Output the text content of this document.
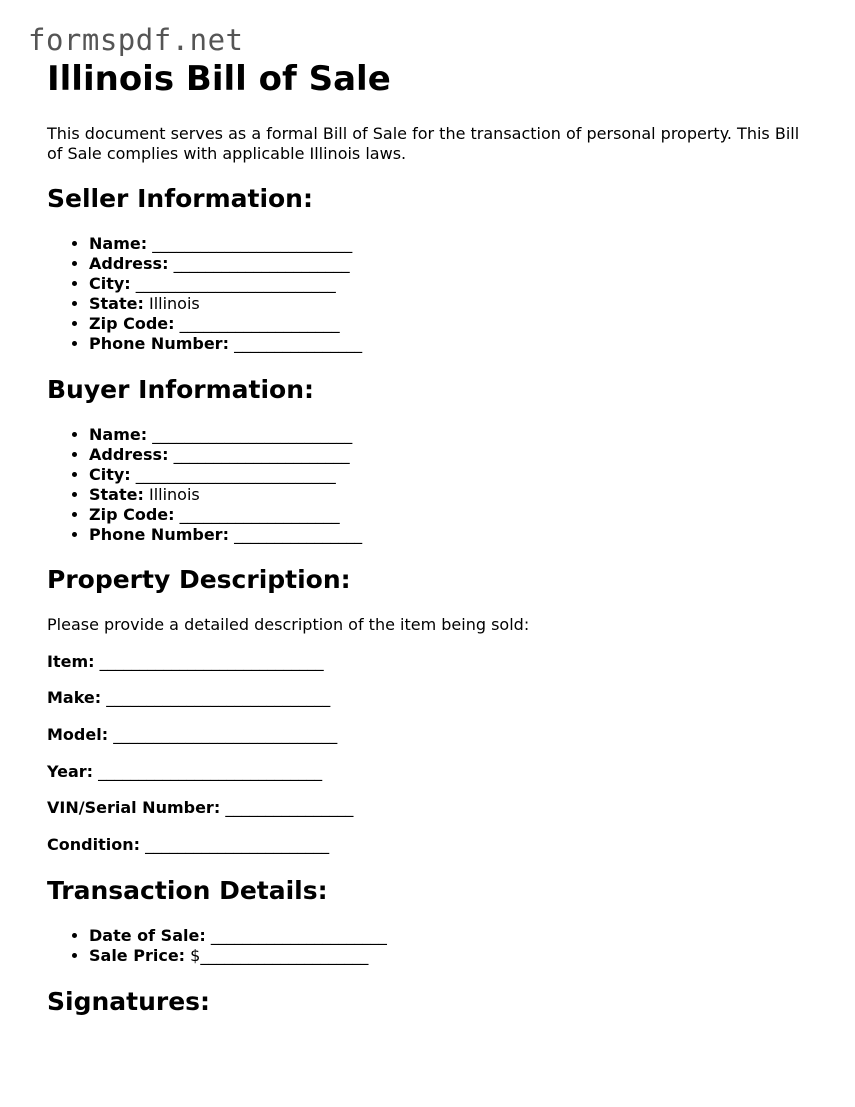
formspdf.net
Illinois Bill of Sale

This document serves as a formal Bill of Sale for the transaction of personal property. This Bill of Sale complies with applicable Illinois laws.

Seller Information:
• Name: _________________________
• Address: ______________________
• City: _________________________
• State: Illinois
• Zip Code: ____________________
• Phone Number: ________________
Buyer Information:
• Name: _________________________
• Address: ______________________
• City: _________________________
• State: Illinois
• Zip Code: ____________________
• Phone Number: ________________
Property Description:

Please provide a detailed description of the item being sold:

Item: ____________________________

Make: ____________________________

Model: ____________________________

Year: ____________________________

VIN/Serial Number: ________________

Condition: _______________________

Transaction Details:
• Date of Sale: ______________________
• Sale Price: $_____________________
Signatures:
